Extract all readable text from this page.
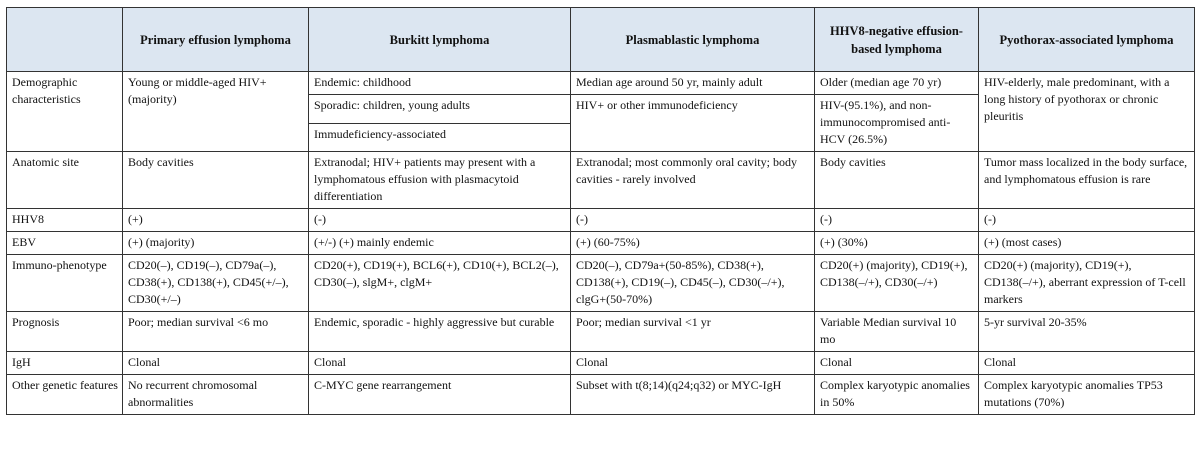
	Primary effusion lymphoma	Burkitt lymphoma	Plasmablastic lymphoma	HHV8-negative effusion-based lymphoma	Pyothorax-associated lymphoma
Demographic characteristics	Young or middle-aged HIV+ (majority)	Endemic: childhood	Median age around 50 yr, mainly adult	Older (median age 70 yr)	HIV-elderly, male predominant, with a long history of pyothorax or chronic pleuritis
		Sporadic: children, young adults	HIV+ or other immunodeficiency	HIV-(95.1%), and non-immunocompromised anti-HCV (26.5%)	
		Immudeficiency-associated			
Anatomic site	Body cavities	Extranodal; HIV+ patients may present with a lymphomatous effusion with plasmacytoid differentiation	Extranodal; most commonly oral cavity; body cavities - rarely involved	Body cavities	Tumor mass localized in the body surface, and lymphomatous effusion is rare
HHV8	(+)	(-)	(-)	(-)	(-)
EBV	(+) (majority)	(+/-) (+) mainly endemic	(+) (60-75%)	(+) (30%)	(+) (most cases)
Immuno-phenotype	CD20(–), CD19(–), CD79a(–), CD38(+), CD138(+), CD45(+/–), CD30(+/–)	CD20(+), CD19(+), BCL6(+), CD10(+), BCL2(–), CD30(–), slgM+, clgM+	CD20(–), CD79a+(50-85%), CD38(+), CD138(+), CD19(–), CD45(–), CD30(–/+), clgG+(50-70%)	CD20(+) (majority), CD19(+), CD138(–/+), CD30(–/+)	CD20(+) (majority), CD19(+), CD138(–/+), aberrant expression of T-cell markers
Prognosis	Poor; median survival <6 mo	Endemic, sporadic - highly aggressive but curable	Poor; median survival <1 yr	Variable Median survival 10 mo	5-yr survival 20-35%
IgH	Clonal	Clonal	Clonal	Clonal	Clonal
Other genetic features	No recurrent chromosomal abnormalities	C-MYC gene rearrangement	Subset with t(8;14)(q24;q32) or MYC-IgH	Complex karyotypic anomalies in 50%	Complex karyotypic anomalies TP53 mutations (70%)
